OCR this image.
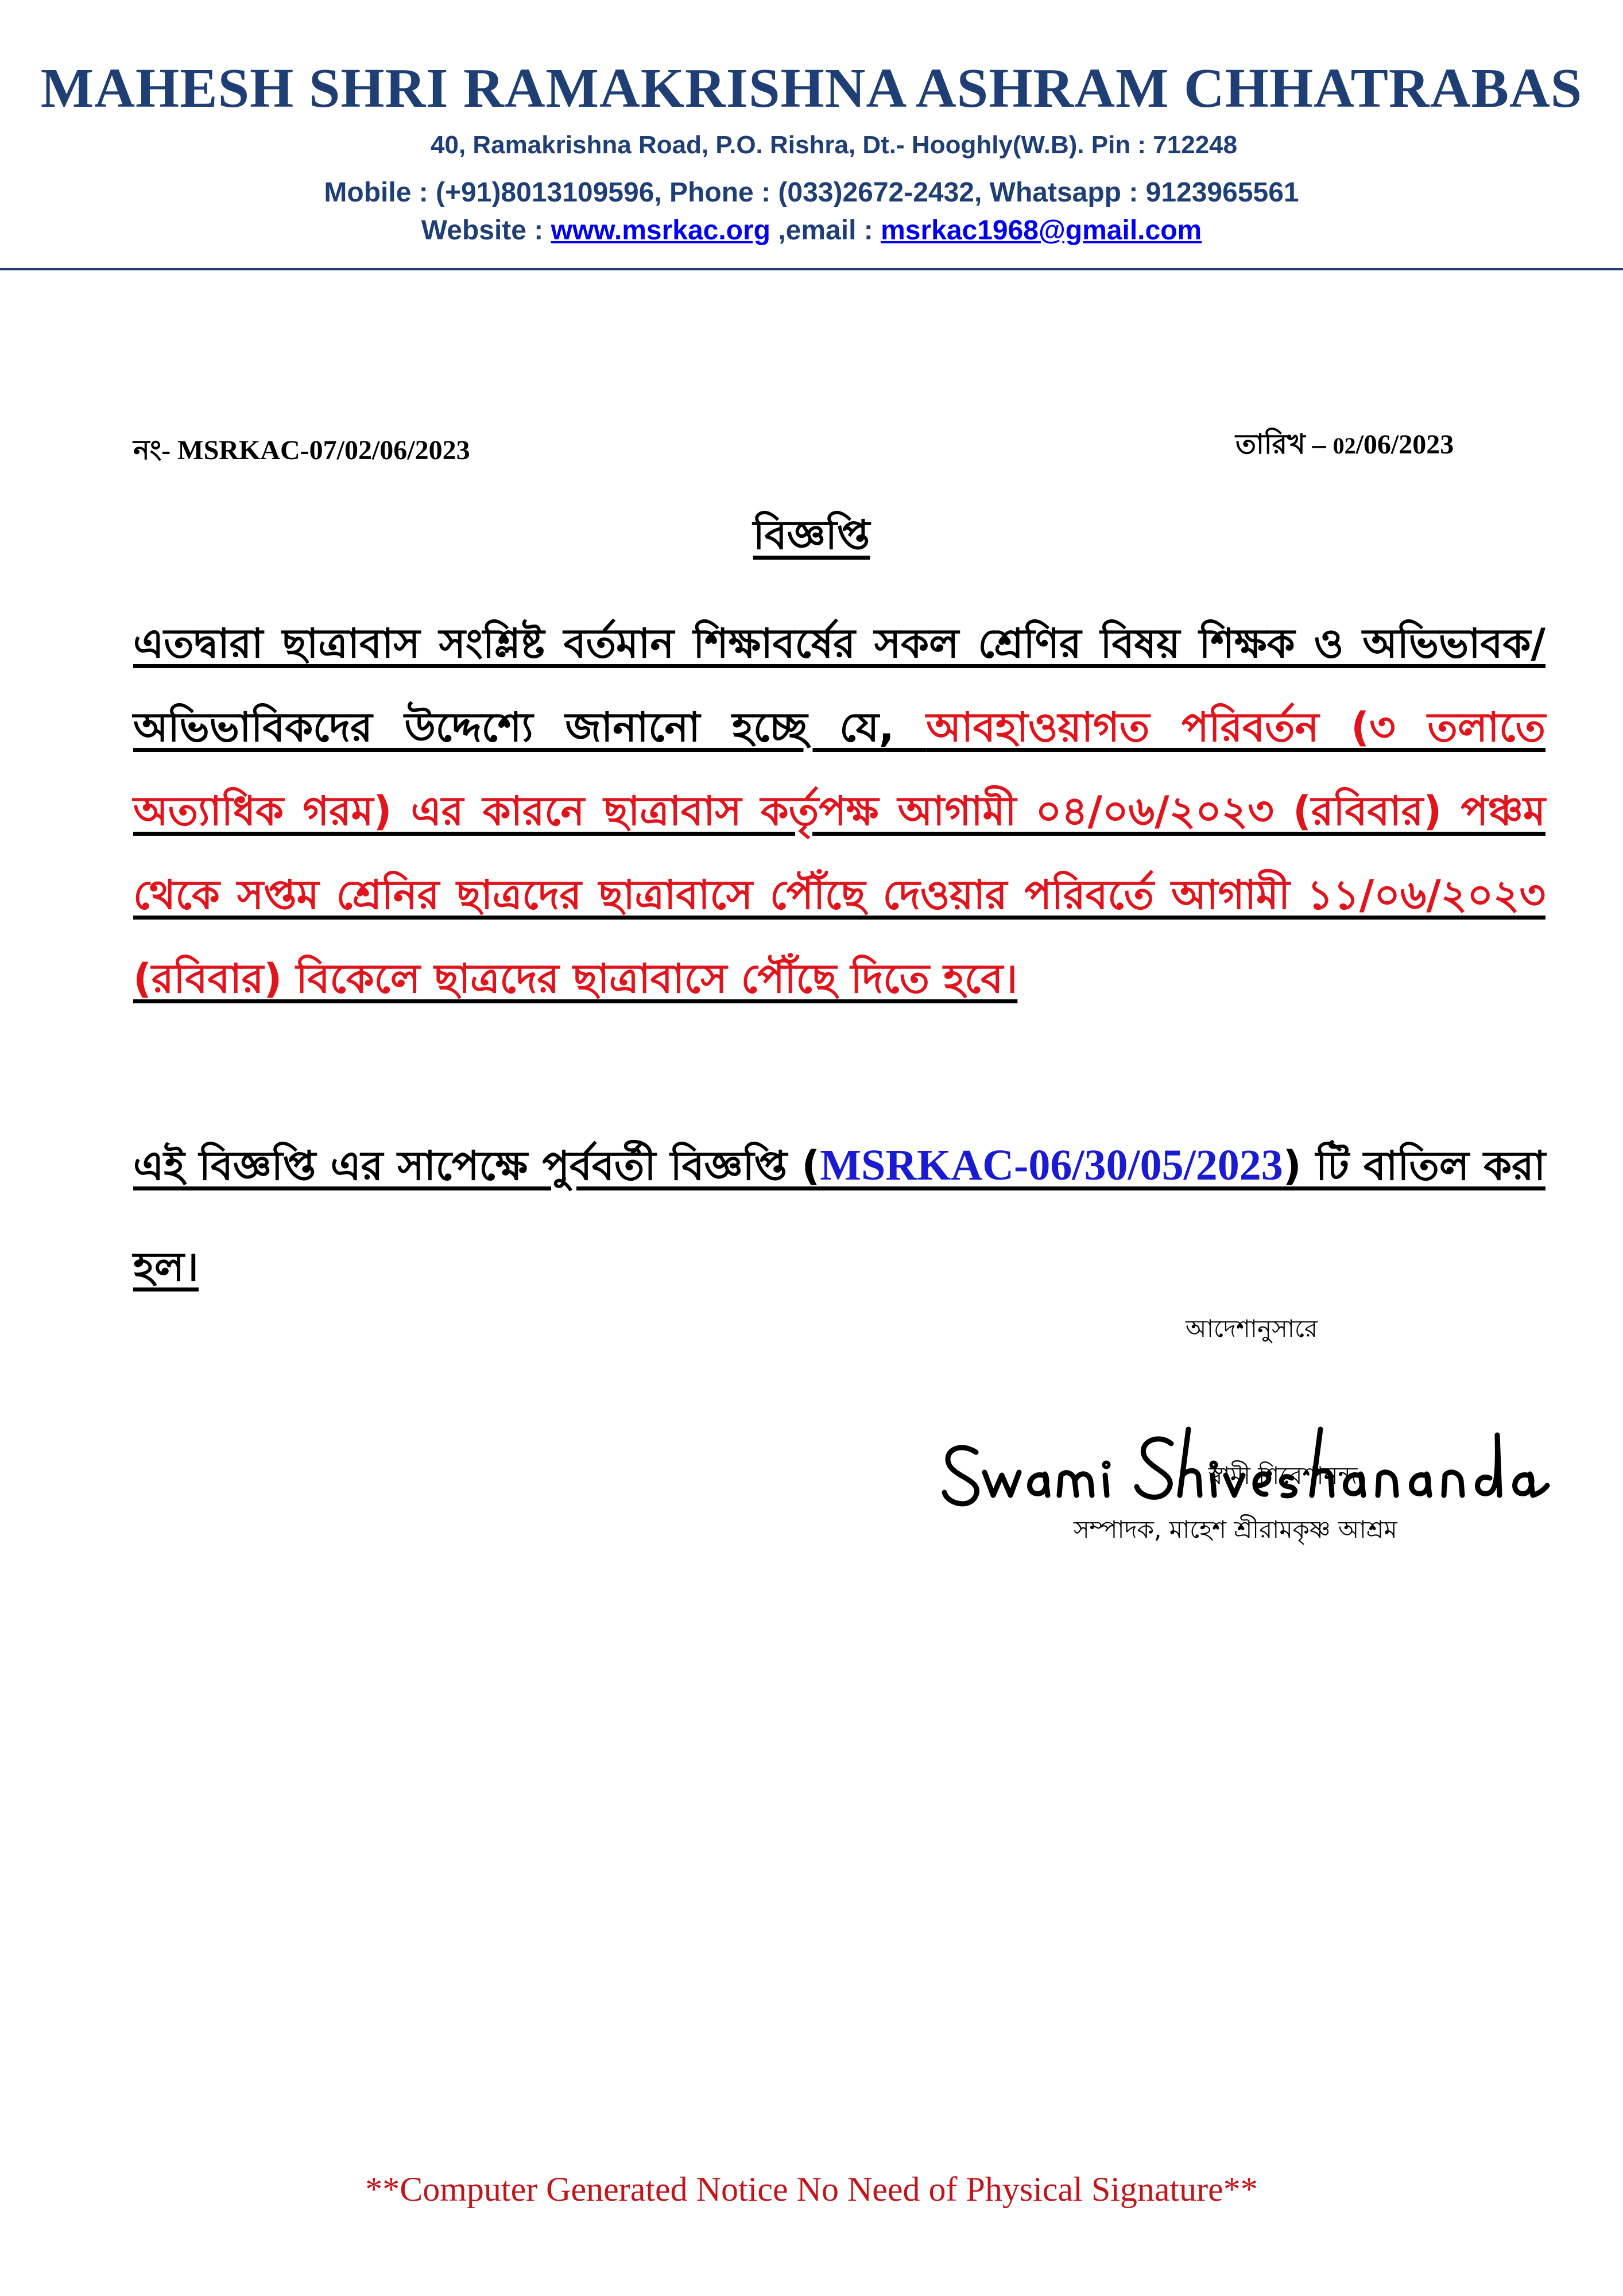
MAHESH SHRI RAMAKRISHNA ASHRAM CHHATRABAS
40, Ramakrishna Road, P.O. Rishra, Dt.- Hooghly(W.B). Pin : 712248
Mobile : (+91)8013109596, Phone : (033)2672-2432, Whatsapp : 9123965561
Website : www.msrkac.org ,email : msrkac1968@gmail.com
নং- MSRKAC-07/02/06/2023	তারিখ – 02/06/2023
বিজ্ঞপ্তি
এতদ্বারা ছাত্রাবাস সংশ্লিষ্ট বর্তমান শিক্ষাবর্ষের সকল শ্রেণির বিষয় শিক্ষক ও অভিভাবক/অভিভাবিকদের উদ্দেশ্যে জানানো হচ্ছে যে, আবহাওয়াগত পরিবর্তন (৩ তলাতে অত্যাধিক গরম) এর কারনে ছাত্রাবাস কর্তৃপক্ষ আগামী ০৪/০৬/২০২৩ (রবিবার) পঞ্চম থেকে সপ্তম শ্রেনির ছাত্রদের ছাত্রাবাসে পৌঁছে দেওয়ার পরিবর্তে আগামী ১১/০৬/২০২৩ (রবিবার) বিকেলে ছাত্রদের ছাত্রাবাসে পৌঁছে দিতে হবে।
এই বিজ্ঞপ্তি এর সাপেক্ষে পুর্ববর্তী বিজ্ঞপ্তি (MSRKAC-06/30/05/2023) টি বাতিল করা হল।
আদেশানুসারে
স্বামী শিবেশানন্দ
সম্পাদক, মাহেশ শ্রীরামকৃষ্ণ আশ্রম
**Computer Generated Notice No Need of Physical Signature**
